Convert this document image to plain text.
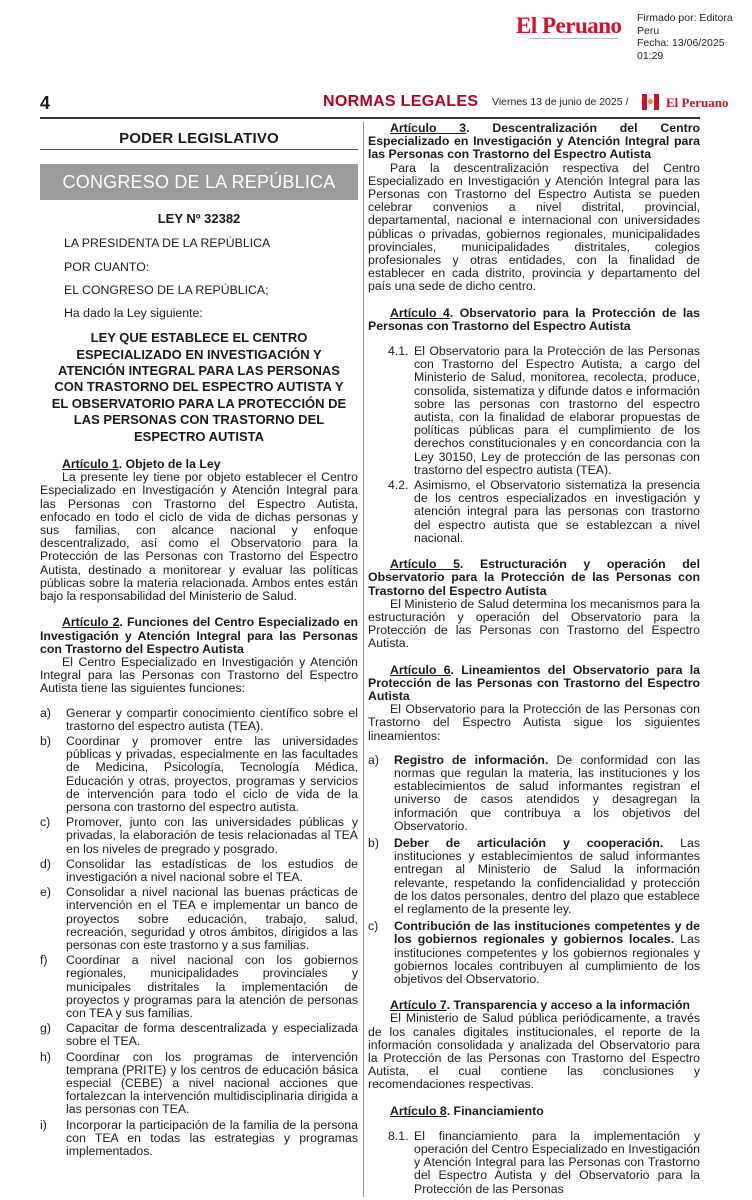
El Peruano Firmado por: Editora Peru
Fecha: 13/06/2025 01:29
4	NORMAS LEGALES Viernes 13 de junio de 2025 /	El Peruano
PODER LEGISLATIVO
CONGRESO DE LA REPÚBLICA
LEY Nº 32382

LA PRESIDENTA DE LA REPÚBLICA

POR CUANTO:

EL CONGRESO DE LA REPÚBLICA;

Ha dado la Ley siguiente:

LEY QUE ESTABLECE EL CENTRO ESPECIALIZADO EN INVESTIGACIÓN Y ATENCIÓN INTEGRAL PARA LAS PERSONAS CON TRASTORNO DEL ESPECTRO AUTISTA Y EL OBSERVATORIO PARA LA PROTECCIÓN DE LAS PERSONAS CON TRASTORNO DEL ESPECTRO AUTISTA

Artículo 1. Objeto de la Ley

La presente ley tiene por objeto establecer el Centro Especializado en Investigación y Atención Integral para las Personas con Trastorno del Espectro Autista, enfocado en todo el ciclo de vida de dichas personas y sus familias, con alcance nacional y enfoque descentralizado, así como el Observatorio para la Protección de las Personas con Trastorno del Espectro Autista, destinado a monitorear y evaluar las políticas públicas sobre la materia relacionada. Ambos entes están bajo la responsabilidad del Ministerio de Salud.

Artículo 2. Funciones del Centro Especializado en Investigación y Atención Integral para las Personas con Trastorno del Espectro Autista

El Centro Especializado en Investigación y Atención Integral para las Personas con Trastorno del Espectro Autista tiene las siguientes funciones:

a) Generar y compartir conocimiento científico sobre el trastorno del espectro autista (TEA).
b) Coordinar y promover entre las universidades públicas y privadas, especialmente en las facultades de Medicina, Psicología, Tecnología Médica, Educación y otras, proyectos, programas y servicios de intervención para todo el ciclo de vida de la persona con trastorno del espectro autista.
c) Promover, junto con las universidades públicas y privadas, la elaboración de tesis relacionadas al TEA en los niveles de pregrado y posgrado.
d) Consolidar las estadísticas de los estudios de investigación a nivel nacional sobre el TEA.
e) Consolidar a nivel nacional las buenas prácticas de intervención en el TEA e implementar un banco de proyectos sobre educación, trabajo, salud, recreación, seguridad y otros ámbitos, dirigidos a las personas con este trastorno y a sus familias.
f) Coordinar a nivel nacional con los gobiernos regionales, municipalidades provinciales y municipales distritales la implementación de proyectos y programas para la atención de personas con TEA y sus familias.
g) Capacitar de forma descentralizada y especializada sobre el TEA.
h) Coordinar con los programas de intervención temprana (PRITE) y los centros de educación básica especial (CEBE) a nivel nacional acciones que fortalezcan la intervención multidisciplinaria dirigida a las personas con TEA.
i) Incorporar la participación de la familia de la persona con TEA en todas las estrategias y programas implementados.

Artículo 3. Descentralización del Centro Especializado en Investigación y Atención Integral para las Personas con Trastorno del Espectro Autista

Para la descentralización respectiva del Centro Especializado en Investigación y Atención Integral para las Personas con Trastorno del Espectro Autista se pueden celebrar convenios a nivel distrital, provincial, departamental, nacional e internacional con universidades públicas o privadas, gobiernos regionales, municipalidades provinciales, municipalidades distritales, colegios profesionales y otras entidades, con la finalidad de establecer en cada distrito, provincia y departamento del país una sede de dicho centro.

Artículo 4. Observatorio para la Protección de las Personas con Trastorno del Espectro Autista

4.1. El Observatorio para la Protección de las Personas con Trastorno del Espectro Autista, a cargo del Ministerio de Salud, monitorea, recolecta, produce, consolida, sistematiza y difunde datos e información sobre las personas con trastorno del espectro autista, con la finalidad de elaborar propuestas de políticas públicas para el cumplimiento de los derechos constitucionales y en concordancia con la Ley 30150, Ley de protección de las personas con trastorno del espectro autista (TEA).
4.2. Asimismo, el Observatorio sistematiza la presencia de los centros especializados en investigación y atención integral para las personas con trastorno del espectro autista que se establezcan a nivel nacional.

Artículo 5. Estructuración y operación del Observatorio para la Protección de las Personas con Trastorno del Espectro Autista

El Ministerio de Salud determina los mecanismos para la estructuración y operación del Observatorio para la Protección de las Personas con Trastorno del Espectro Autista.

Artículo 6. Lineamientos del Observatorio para la Protección de las Personas con Trastorno del Espectro Autista

El Observatorio para la Protección de las Personas con Trastorno del Espectro Autista sigue los siguientes lineamientos:

a) Registro de información. De conformidad con las normas que regulan la materia, las instituciones y los establecimientos de salud informantes registran el universo de casos atendidos y desagregan la información que contribuya a los objetivos del Observatorio.
b) Deber de articulación y cooperación. Las instituciones y establecimientos de salud informantes entregan al Ministerio de Salud la información relevante, respetando la confidencialidad y protección de los datos personales, dentro del plazo que establece el reglamento de la presente ley.
c) Contribución de las instituciones competentes y de los gobiernos regionales y gobiernos locales. Las instituciones competentes y los gobiernos regionales y gobiernos locales contribuyen al cumplimiento de los objetivos del Observatorio.

Artículo 7. Transparencia y acceso a la información

El Ministerio de Salud pública periódicamente, a través de los canales digitales institucionales, el reporte de la información consolidada y analizada del Observatorio para la Protección de las Personas con Trastorno del Espectro Autista, el cual contiene las conclusiones y recomendaciones respectivas.

Artículo 8. Financiamiento

8.1. El financiamiento para la implementación y operación del Centro Especializado en Investigación y Atención Integral para las Personas con Trastorno del Espectro Autista y del Observatorio para la Protección de las Personas
